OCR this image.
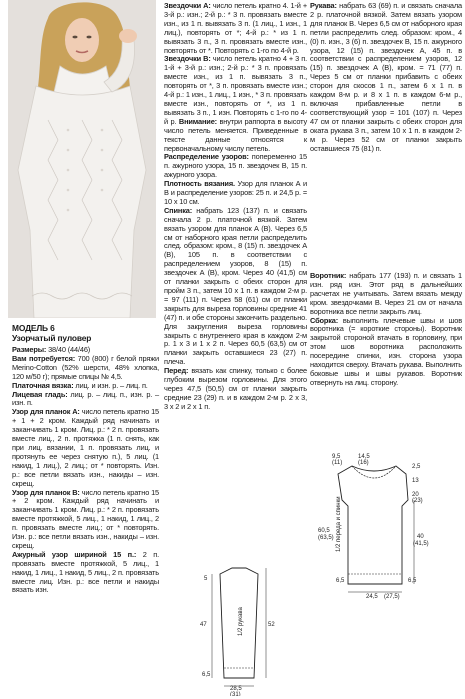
МОДЕЛЬ 6

Узорчатый пуловер

Размеры: 38/40 (44/46)

Вам потребуется: 700 (800) г белой пряжи Merino-Cotton (52% шерсти, 48% хлопка, 120 м/50 г); прямые спицы № 4,5.

Платочная вязка: лиц. и изн. р. – лиц. п.

Лицевая гладь: лиц. р. – лиц. п., изн. р. – изн. п.

Узор для планок А: число петель кратно 15 + 1 + 2 кром. Каждый ряд начинать и заканчивать 1 кром. Лиц. р.: * 2 п. провязать вместе лиц., 2 п. протяжка (1 п. снять, как при лиц. вязании, 1 п. провязать лиц. и протянуть ее через снятую п.), 5 лиц. (1 накид, 1 лиц.), 2 лиц.; от * повторять. Изн. р.: все петли вязать изн., накиды – изн. скрещ.

Узор для планок В: число петель кратно 15 + 2 кром. Каждый ряд начинать и заканчивать 1 кром. Лиц. р.: * 2 п. провязать вместе протяжкой, 5 лиц., 1 накид, 1 лиц., 2 п. провязать вместе лиц.; от * повторять. Изн. р.: все петли вязать изн., накиды – изн. скрещ.

Ажурный узор шириной 15 п.: 2 п. провязать вместе протяжкой, 5 лиц., 1 накид, 1 лиц., 1 накид, 5 лиц., 2 п. провязать вместе лиц. Изн. р.: все петли и накиды вязать изн.

Звездочки А: число петель кратно 4. 1-й + 3-й р.: изн.; 2-й р.: * 3 п. провязать вместе изн., из 1 п. вывязать 3 п. (1 лиц., 1 изн., 1 лиц.), повторять от *; 4-й р.: * из 1 п. вывязать 3 п., 3 п. провязать вместе изн., повторять от *. Повторять с 1-го по 4-й р.

Звездочки В: число петель кратно 4 + 3 п. 1-й + 3-й р.: изн.; 2-й р.: * 3 п. провязать вместе изн., из 1 п. вывязать 3 п., повторять от *, 3 п. провязать вместе изн.; 4-й р.: 1 изн., 1 лиц., 1 изн., * 3 п. провязать вместе изн., повторять от *, из 1 п. вывязать 3 п., 1 изн. Повторять с 1-го по 4-й р. Внимание: внутри раппорта в высоту число петель меняется. Приведенные в тексте данные относятся к первоначальному числу петель.

Распределение узоров: попеременно 15 п. ажурного узора, 15 п. звездочек В, 15 п. ажурного узора.

Плотность вязания. Узор для планок А и В и распределение узоров: 25 п. и 24,5 р. = 10 х 10 см.

Спинка: набрать 123 (137) п. и связать сначала 2 р. платочной вязкой. Затем вязать узором для планок А (В). Через 6,5 см от наборного края петли распределить след. образом: кром., 8 (15) п. звездочек А (В), 105 п. в соответствии с распределением узоров, 8 (15) п. звездочек А (В), кром. Через 40 (41,5) см от планки закрыть с обеих сторон для пройм 3 п., затем 10 х 1 п. в каждом 2-м р. = 97 (111) п. Через 58 (61) см от планки закрыть для выреза горловины средние 41 (47) п. и обе стороны закончить раздельно. Для закругления выреза горловины закрыть с внутреннего края в каждом 2-м р. 1 х 3 и 1 х 2 п. Через 60,5 (63,5) см от планки закрыть оставшиеся 23 (27) п. плеча.

Перед: вязать как спинку, только с более глубоким вырезом горловины. Для этого через 47,5 (50,5) см от планки закрыть средние 23 (29) п. и в каждом 2-м р. 2 х 3, 3 х 2 и 2 х 1 п.

Рукава: набрать 63 (69) п. и связать сначала 2 р. платочной вязкой. Затем вязать узором для планок В. Через 6,5 см от наборного края петли распределить след. образом: кром., 4 (0) п. изн., 3 (6) п. звездочек В, 15 п. ажурного узора, 12 (15) п. звездочек А, 45 п. в соответствии с распределением узоров, 12 (15) п. звездочек А (В), кром. = 71 (77) п. Через 5 см от планки прибавить с обеих сторон для скосов 1 п., затем 6 х 1 п. в каждом 8-м р. и 8 х 1 п. в каждом 6-м р., включая прибавленные петли в соответствующий узор = 101 (107) п. Через 47 см от планки закрыть с обеих сторон для оката рукава 3 п., затем 10 х 1 п. в каждом 2-м р. Через 52 см от планки закрыть оставшиеся 75 (81) п.

Воротник: набрать 177 (193) п. и связать 1 изн. ряд изн. Этот ряд в дальнейших расчетах не учитывать. Затем вязать между кром. звездочками В. Через 21 см от начала воротника все петли закрыть лиц.

Сборка: выполнить плечевые швы и шов воротника (= короткие стороны). Воротник закрытой стороной втачать в горловину, при этом шов воротника расположить посередине спинки, изн. сторона узора находится сверху. Втачать рукава. Выполнить боковые швы и швы рукавов. Воротник отвернуть на лиц. сторону.

1/2 рукава
5
47	52
6,5
28,5
(31)
1/2 переда и спинки
9,5
(11)
14,5
(16)
2,5
13
20
(23)
60,5
(63,5)	40
(41,5)
6,5	6,5
24,5 (27,5)
